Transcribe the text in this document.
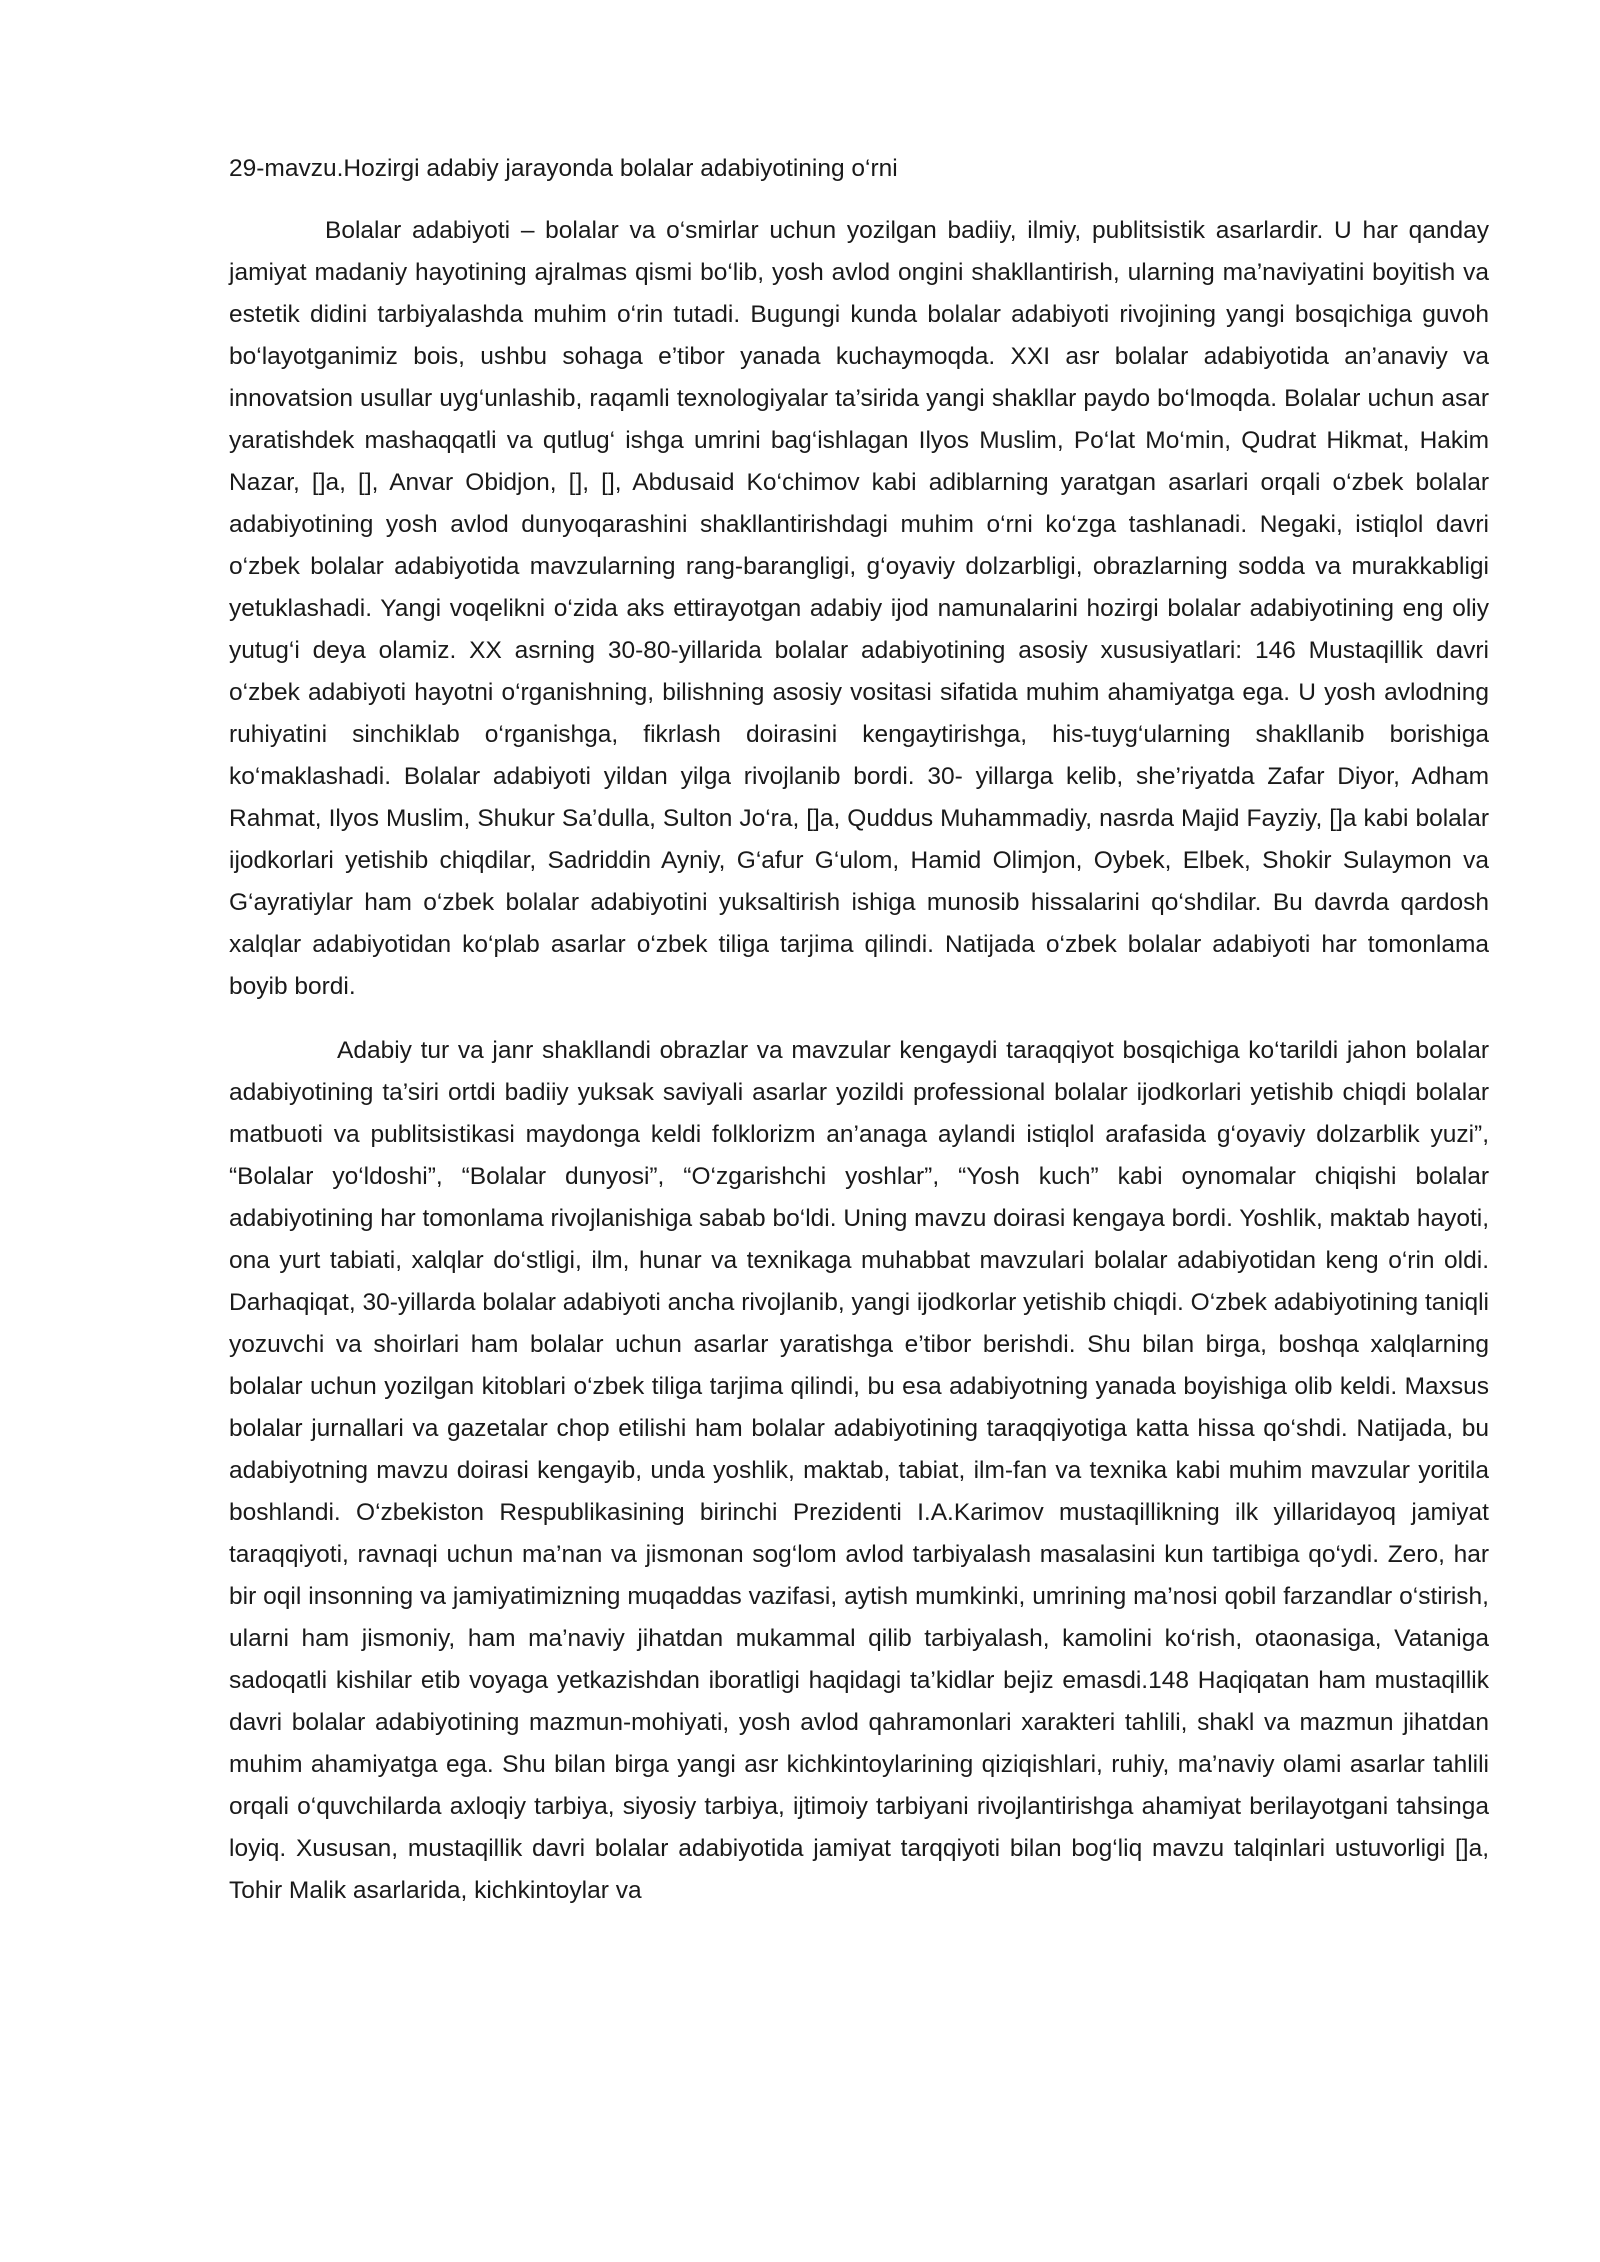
29-mavzu.Hozirgi adabiy jarayonda bolalar adabiyotining o‘rni

Bolalar adabiyoti – bolalar va o‘smirlar uchun yozilgan badiiy, ilmiy, publitsistik asarlardir. U har qanday jamiyat madaniy hayotining ajralmas qismi bo‘lib, yosh avlod ongini shakllantirish, ularning ma’naviyatini boyitish va estetik didini tarbiyalashda muhim o‘rin tutadi. Bugungi kunda bolalar adabiyoti rivojining yangi bosqichiga guvoh bo‘layotganimiz bois, ushbu sohaga e’tibor yanada kuchaymoqda. XXI asr bolalar adabiyotida an’anaviy va innovatsion usullar uyg‘unlashib, raqamli texnologiyalar ta’sirida yangi shakllar paydo bo‘lmoqda. Bolalar uchun asar yaratishdek mashaqqatli va qutlug‘ ishga umrini bag‘ishlagan Ilyos Muslim, Po‘lat Mo‘min, Qudrat Hikmat, Hakim Nazar, []a, [], Anvar Obidjon, [], [], Abdusaid Ko‘chimov kabi adiblarning yaratgan asarlari orqali o‘zbek bolalar adabiyotining yosh avlod dunyoqarashini shakllantirishdagi muhim o‘rni ko‘zga tashlanadi. Negaki, istiqlol davri o‘zbek bolalar adabiyotida mavzularning rang-barangligi, g‘oyaviy dolzarbligi, obrazlarning sodda va murakkabligi yetuklashadi. Yangi voqelikni o‘zida aks ettirayotgan adabiy ijod namunalarini hozirgi bolalar adabiyotining eng oliy yutug‘i deya olamiz. XX asrning 30-80-yillarida bolalar adabiyotining asosiy xususiyatlari: 146 Mustaqillik davri o‘zbek adabiyoti hayotni o‘rganishning, bilishning asosiy vositasi sifatida muhim ahamiyatga ega. U yosh avlodning ruhiyatini sinchiklab o‘rganishga, fikrlash doirasini kengaytirishga, his-tuyg‘ularning shakllanib borishiga ko‘maklashadi. Bolalar adabiyoti yildan yilga rivojlanib bordi. 30- yillarga kelib, she’riyatda Zafar Diyor, Adham Rahmat, Ilyos Muslim, Shukur Sa’dulla, Sulton Jo‘ra, []a, Quddus Muhammadiy, nasrda Majid Fayziy, []a kabi bolalar ijodkorlari yetishib chiqdilar, Sadriddin Ayniy, G‘afur G‘ulom, Hamid Olimjon, Oybek, Elbek, Shokir Sulaymon va G‘ayratiylar ham o‘zbek bolalar adabiyotini yuksaltirish ishiga munosib hissalarini qo‘shdilar. Bu davrda qardosh xalqlar adabiyotidan ko‘plab asarlar o‘zbek tiliga tarjima qilindi. Natijada o‘zbek bolalar adabiyoti har tomonlama boyib bordi.

Adabiy tur va janr shakllandi obrazlar va mavzular kengaydi taraqqiyot bosqichiga ko‘tarildi jahon bolalar adabiyotining ta’siri ortdi badiiy yuksak saviyali asarlar yozildi professional bolalar ijodkorlari yetishib chiqdi bolalar matbuoti va publitsistikasi maydonga keldi folklorizm an’anaga aylandi istiqlol arafasida g‘oyaviy dolzarblik yuzi”, “Bolalar yo‘ldoshi”, “Bolalar dunyosi”, “O‘zgarishchi yoshlar”, “Yosh kuch” kabi oynomalar chiqishi bolalar adabiyotining har tomonlama rivojlanishiga sabab bo‘ldi. Uning mavzu doirasi kengaya bordi. Yoshlik, maktab hayoti, ona yurt tabiati, xalqlar do‘stligi, ilm, hunar va texnikaga muhabbat mavzulari bolalar adabiyotidan keng o‘rin oldi. Darhaqiqat, 30-yillarda bolalar adabiyoti ancha rivojlanib, yangi ijodkorlar yetishib chiqdi. O‘zbek adabiyotining taniqli yozuvchi va shoirlari ham bolalar uchun asarlar yaratishga e’tibor berishdi. Shu bilan birga, boshqa xalqlarning bolalar uchun yozilgan kitoblari o‘zbek tiliga tarjima qilindi, bu esa adabiyotning yanada boyishiga olib keldi. Maxsus bolalar jurnallari va gazetalar chop etilishi ham bolalar adabiyotining taraqqiyotiga katta hissa qo‘shdi. Natijada, bu adabiyotning mavzu doirasi kengayib, unda yoshlik, maktab, tabiat, ilm-fan va texnika kabi muhim mavzular yoritila boshlandi. O‘zbekiston Respublikasining birinchi Prezidenti I.A.Karimov mustaqillikning ilk yillaridayoq jamiyat taraqqiyoti, ravnaqi uchun ma’nan va jismonan sog‘lom avlod tarbiyalash masalasini kun tartibiga qo‘ydi. Zero, har bir oqil insonning va jamiyatimizning muqaddas vazifasi, aytish mumkinki, umrining ma’nosi qobil farzandlar o‘stirish, ularni ham jismoniy, ham ma’naviy jihatdan mukammal qilib tarbiyalash, kamolini ko‘rish, otaonasiga, Vataniga sadoqatli kishilar etib voyaga yetkazishdan iboratligi haqidagi ta’kidlar bejiz emasdi.148 Haqiqatan ham mustaqillik davri bolalar adabiyotining mazmun-mohiyati, yosh avlod qahramonlari xarakteri tahlili, shakl va mazmun jihatdan muhim ahamiyatga ega. Shu bilan birga yangi asr kichkintoylarining qiziqishlari, ruhiy, ma’naviy olami asarlar tahlili orqali o‘quvchilarda axloqiy tarbiya, siyosiy tarbiya, ijtimoiy tarbiyani rivojlantirishga ahamiyat berilayotgani tahsinga loyiq. Xususan, mustaqillik davri bolalar adabiyotida jamiyat tarqqiyoti bilan bog‘liq mavzu talqinlari ustuvorligi []a, Tohir Malik asarlarida, kichkintoylar va
